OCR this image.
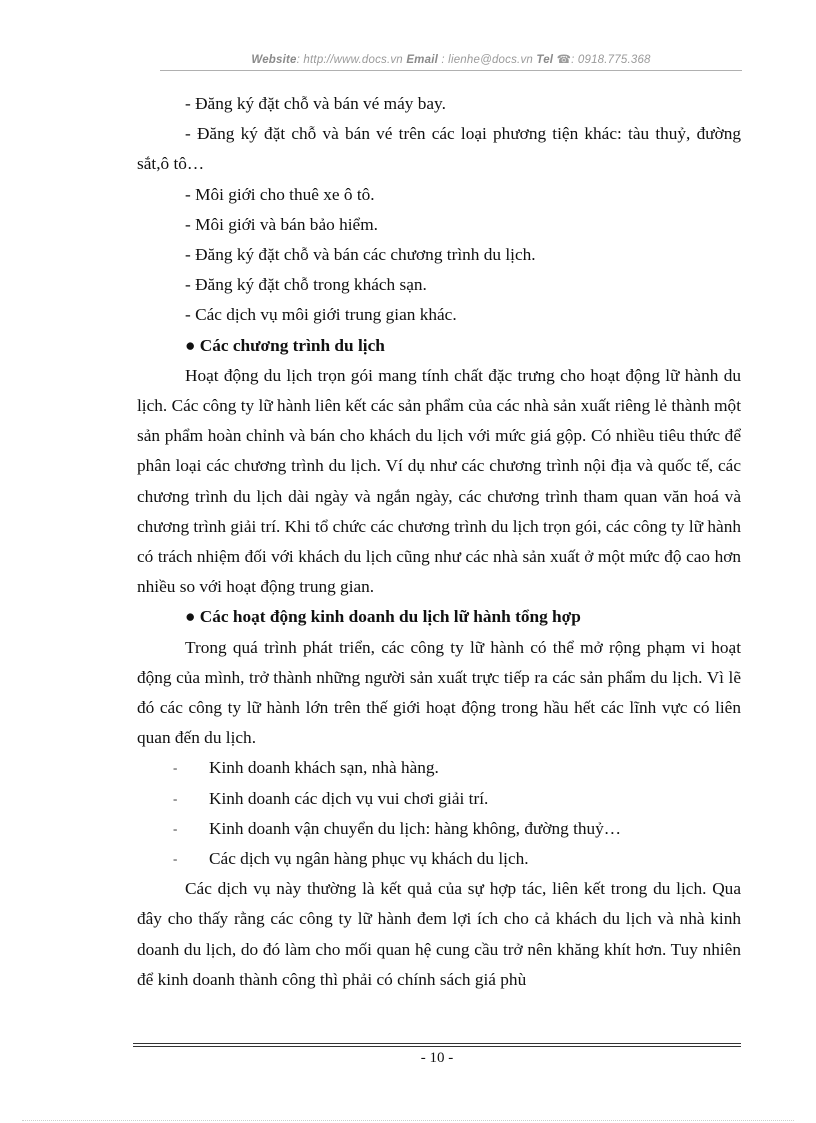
Website: http://www.docs.vn Email : lienhe@docs.vn Tel ☎: 0918.775.368

- Đăng ký đặt chỗ và bán vé máy bay.

- Đăng ký đặt chỗ và bán vé trên các loại phương tiện khác: tàu thuỷ, đường sắt,ô tô…

- Môi giới cho thuê xe ô tô.

- Môi giới và bán bảo hiểm.

- Đăng ký đặt chỗ và bán các chương trình du lịch.

- Đăng ký đặt chỗ trong khách sạn.

- Các dịch vụ môi giới trung gian khác.

● Các chương trình du lịch

Hoạt động du lịch trọn gói mang tính chất đặc trưng cho hoạt động lữ hành du lịch. Các công ty lữ hành liên kết các sản phẩm của các nhà sản xuất riêng lẻ thành một sản phẩm hoàn chỉnh và bán cho khách du lịch với mức giá gộp. Có nhiều tiêu thức để phân loại các chương trình du lịch. Ví dụ như các chương trình nội địa và quốc tế, các chương trình du lịch dài ngày và ngắn ngày, các chương trình tham quan văn hoá và chương trình giải trí. Khi tổ chức các chương trình du lịch trọn gói, các công ty lữ hành có trách nhiệm đối với khách du lịch cũng như các nhà sản xuất ở một mức độ cao hơn nhiều so với hoạt động trung gian.

● Các hoạt động kinh doanh du lịch lữ hành tổng hợp

Trong quá trình phát triển, các công ty lữ hành có thể mở rộng phạm vi hoạt động của mình, trở thành những người sản xuất trực tiếp ra các sản phẩm du lịch. Vì lẽ đó các công ty lữ hành lớn trên thế giới hoạt động trong hầu hết các lĩnh vực có liên quan đến du lịch.

- Kinh doanh khách sạn, nhà hàng.

- Kinh doanh các dịch vụ vui chơi giải trí.

- Kinh doanh vận chuyển du lịch: hàng không, đường thuỷ…

- Các dịch vụ ngân hàng phục vụ khách du lịch.

Các dịch vụ này thường là kết quả của sự hợp tác, liên kết trong du lịch. Qua đây cho thấy rằng các công ty lữ hành đem lợi ích cho cả khách du lịch và nhà kinh doanh du lịch, do đó làm cho mối quan hệ cung cầu trở nên khăng khít hơn. Tuy nhiên để kinh doanh thành công thì phải có chính sách giá phù

- 10 -
